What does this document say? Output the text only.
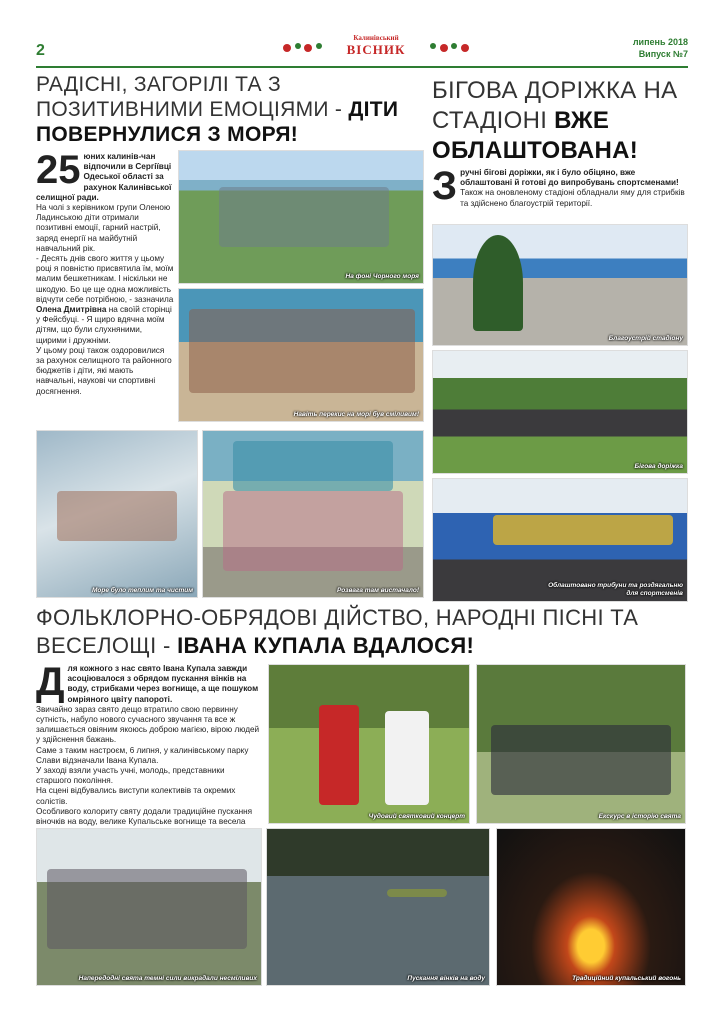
2
Калинівський
ВІСНИК	липень 2018
Випуск №7
РАДІСНІ, ЗАГОРІЛІ ТА З ПОЗИТИВНИМИ ЕМОЦІЯМИ - ДІТИ ПОВЕРНУЛИСЯ З МОРЯ!
25 юних калинів-чан відпочили в Сергіївці Одеської області за рахунок Калинівської селищної ради.

На чолі з керівником групи Оленою Ладинською діти отримали позитивні емоції, гарний настрій, заряд енергії на майбутній навчальний рік.

- Десять днів свого життя у цьому році я повністю присвятила їм, моїм малим бешкетникам. І ніскільки не шкодую. Бо це ще одна можливість відчути себе потрібною, - зазначила Олена Дмитрівна на своїй сторінці у Фейсбуці. - Я щиро вдячна моїм дітям, що були слухняними, щирими і дружніми.

У цьому році також оздоровилися за рахунок селищного та районного бюджетів і діти, які мають навчальні, наукові чи спортивні досягнення.

На фоні Чорного моря
Навіть перекис на морі був сміливим!
Море було теплим та чистим	Розвага там вистачало!
БІГОВА ДОРІЖКА НА СТАДІОНІ ВЖЕ ОБЛАШТОВАНА!
З ручні бігові доріжки, як і було обіцяно, вже облаштовані й готові до випробувань спортсменами!

Також на оновленому стадіоні обладнали яму для стрибків та здійснено благоустрій території.

Благоустрій стадіону
Бігова доріжка
Облаштовано трибуни та роздягальню
для спортсменів
ФОЛЬКЛОРНО-ОБРЯДОВІ ДІЙСТВО, НАРОДНІ ПІСНІ ТА ВЕСЕЛОЩІ - ІВАНА КУПАЛА ВДАЛОСЯ!
Д ля кожного з нас свято Івана Купала завжди асоціювалося з обрядом пускання вінків на воду, стрибками через вогнище, а ще пошуком омріяного цвіту папороті.

Звичайно зараз свято дещо втратило свою первинну сутність, набуло нового сучасного звучання та все ж залишається овіяним якоюсь доброю магією, вірою людей у здійснення бажань.

Саме з таким настроєм, 6 липня, у калинівському парку Слави відзначали Івана Купала.

У заході взяли участь учні, молодь, представники старшого покоління.

На сцені відбувались виступи колективів та окремих солістів.

Особливого колориту святу додали традиційне пускання віночків на воду, велике Купальське вогнище та весела

Чудовий святковий концерт	Екскурс в історію свята
Напередодні свята темні сили викрадали несміливих	Пускання вінків на воду	Традиційний купальський вогонь
